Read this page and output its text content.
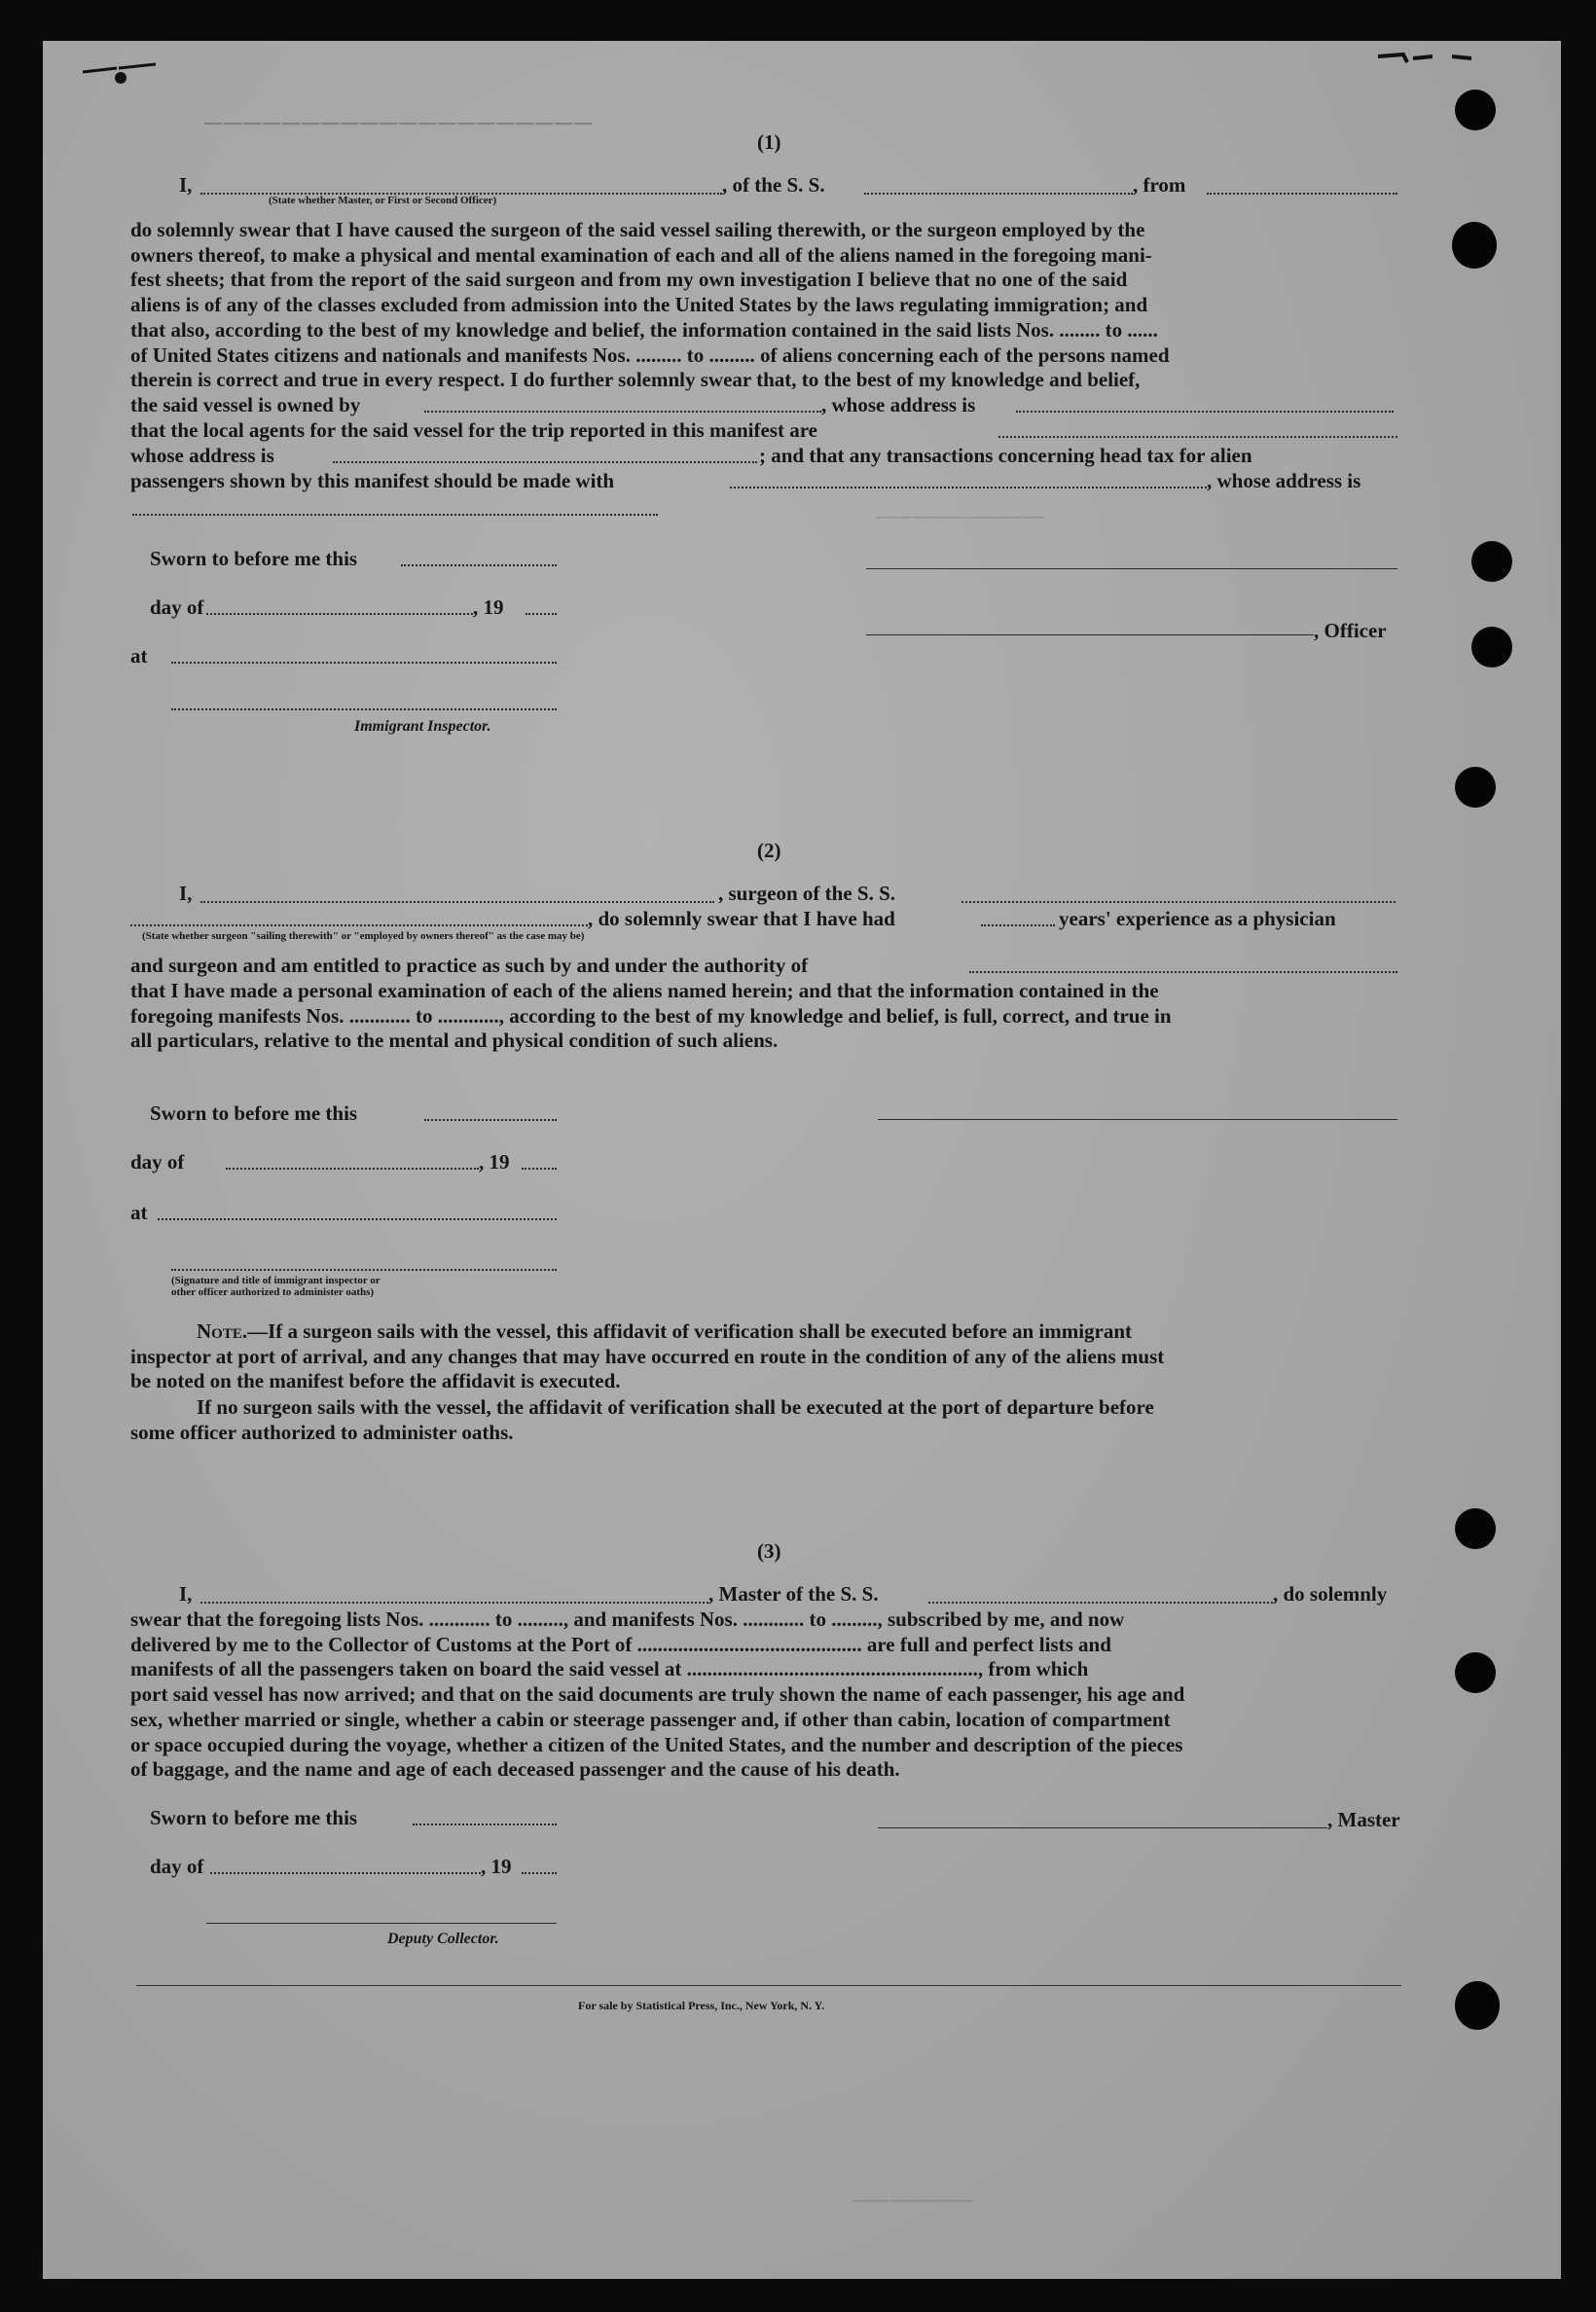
────────────────────
──────────────
(1)
I,
(State whether Master, or First or Second Officer)
, of the S. S.	, from
do solemnly swear that I have caused the surgeon of the said vessel sailing therewith, or the surgeon employed by the
owners thereof, to make a physical and mental examination of each and all of the aliens named in the foregoing mani-
fest sheets; that from the report of the said surgeon and from my own investigation I believe that no one of the said
aliens is of any of the classes excluded from admission into the United States by the laws regulating immigration; and
that also, according to the best of my knowledge and belief, the information contained in the said lists Nos. ........ to ......
of United States citizens and nationals and manifests Nos. ......... to ......... of aliens concerning each of the persons named
therein is correct and true in every respect. I do further solemnly swear that, to the best of my knowledge and belief,
the said vessel is owned by	, whose address is
that the local agents for the said vessel for the trip reported in this manifest are
whose address is	; and that any transactions concerning head tax for alien
passengers shown by this manifest should be made with	, whose address is
Sworn to before me this
day of	, 19
, Officer
at
Immigrant Inspector.
(2)
I,	, surgeon of the S. S.
, do solemnly swear that I have had	years' experience as a physician
(State whether surgeon "sailing therewith" or "employed by owners thereof" as the case may be)
and surgeon and am entitled to practice as such by and under the authority of
that I have made a personal examination of each of the aliens named herein; and that the information contained in the
foregoing manifests Nos. ............ to ............, according to the best of my knowledge and belief, is full, correct, and true in
all particulars, relative to the mental and physical condition of such aliens.
Sworn to before me this
day of	, 19
at
(Signature and title of immigrant inspector or
other officer authorized to administer oaths)
Note.—If a surgeon sails with the vessel, this affidavit of verification shall be executed before an immigrant
inspector at port of arrival, and any changes that may have occurred en route in the condition of any of the aliens must
be noted on the manifest before the affidavit is executed.
If no surgeon sails with the vessel, the affidavit of verification shall be executed at the port of departure before
some officer authorized to administer oaths.
(3)
I,	, Master of the S. S.	, do solemnly
swear that the foregoing lists Nos. ............ to ........., and manifests Nos. ............ to ........., subscribed by me, and now
delivered by me to the Collector of Customs at the Port of ............................................ are full and perfect lists and
manifests of all the passengers taken on board the said vessel at ........................................................., from which
port said vessel has now arrived; and that on the said documents are truly shown the name of each passenger, his age and
sex, whether married or single, whether a cabin or steerage passenger and, if other than cabin, location of compartment
or space occupied during the voyage, whether a citizen of the United States, and the number and description of the pieces
of baggage, and the name and age of each deceased passenger and the cause of his death.
Sworn to before me this	, Master
day of	, 19
Deputy Collector.
For sale by Statistical Press, Inc., New York, N. Y.
──────────
